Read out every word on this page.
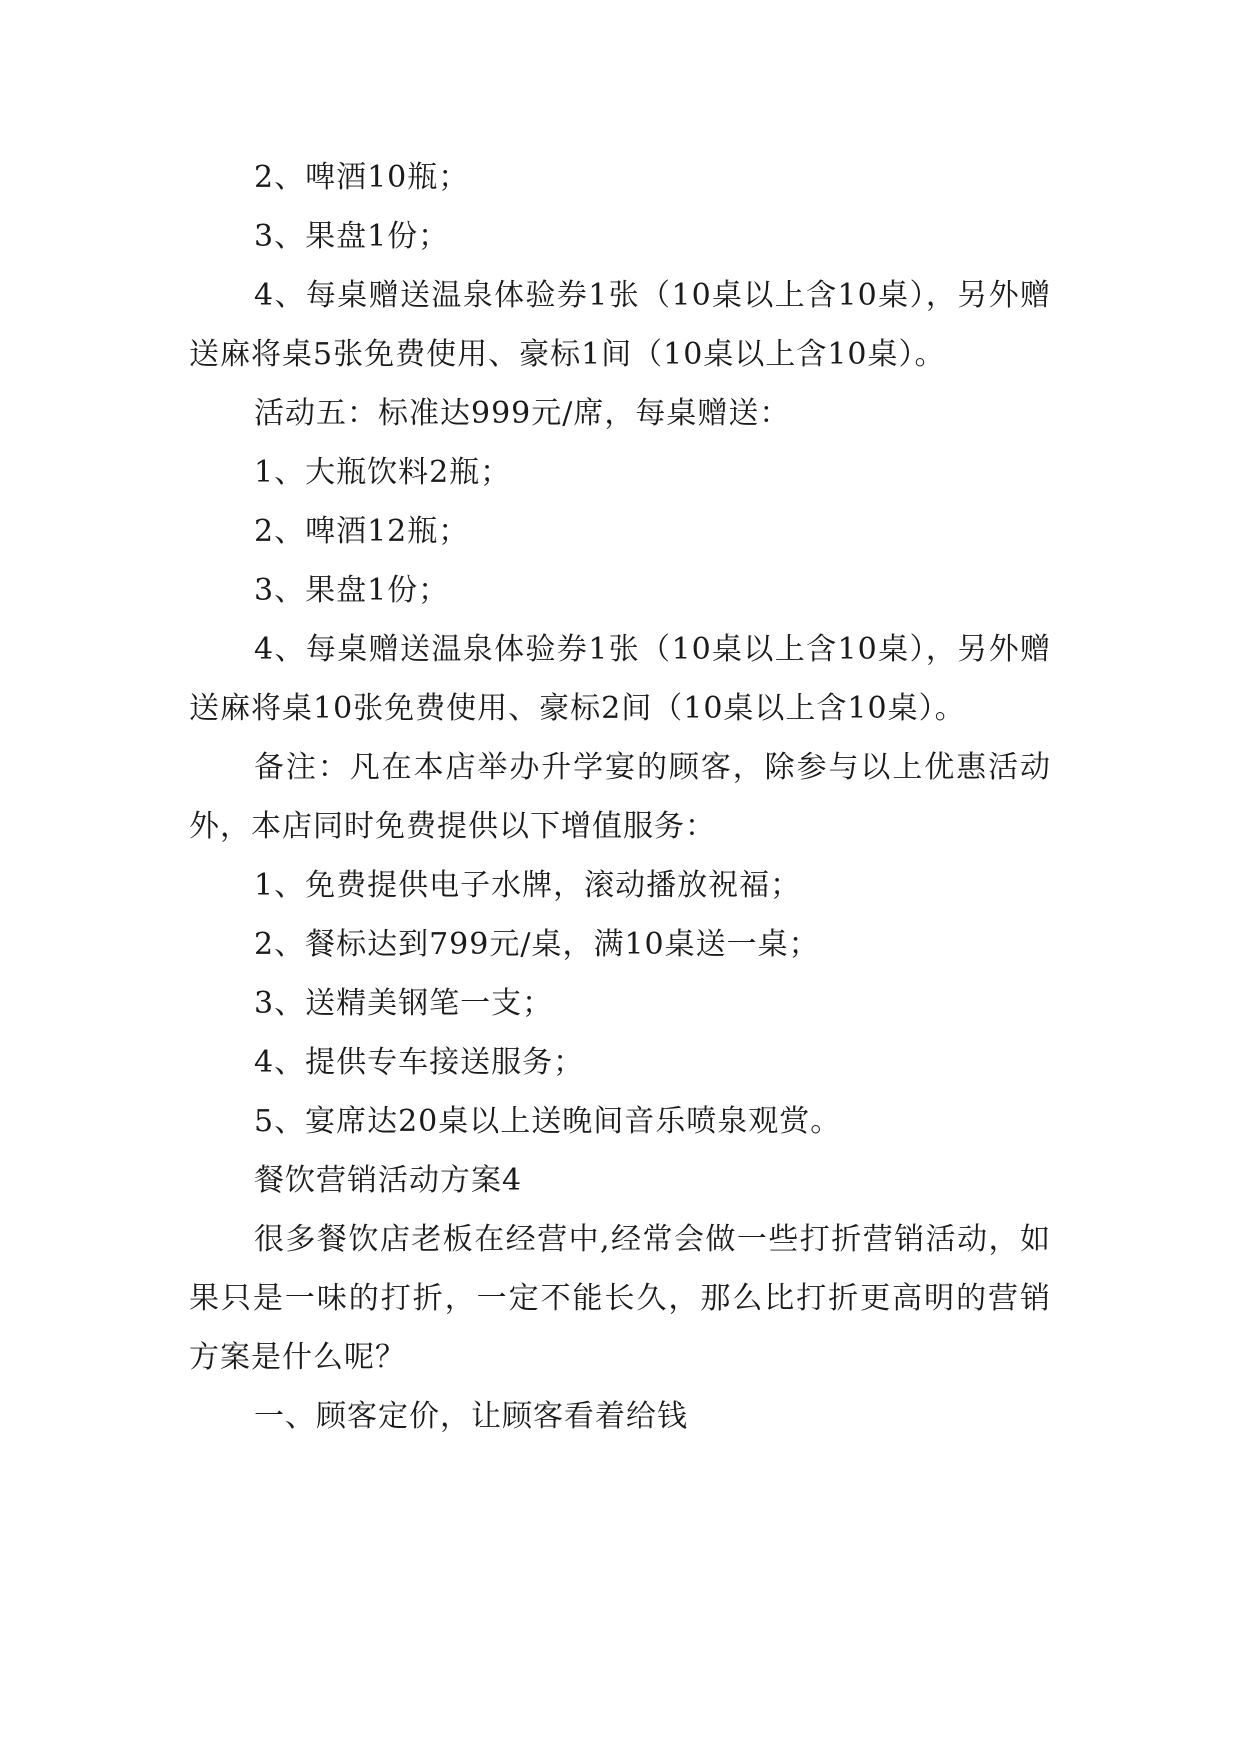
2、啤酒10瓶；

3、果盘1份；

4、每桌赠送温泉体验券1张（10桌以上含10桌），另外赠送麻将桌5张免费使用、豪标1间（10桌以上含10桌）。

活动五：标准达999元/席，每桌赠送：

1、大瓶饮料2瓶；

2、啤酒12瓶；

3、果盘1份；

4、每桌赠送温泉体验券1张（10桌以上含10桌），另外赠送麻将桌10张免费使用、豪标2间（10桌以上含10桌）。

备注：凡在本店举办升学宴的顾客，除参与以上优惠活动外，本店同时免费提供以下增值服务：

1、免费提供电子水牌，滚动播放祝福；

2、餐标达到799元/桌，满10桌送一桌；

3、送精美钢笔一支；

4、提供专车接送服务；

5、宴席达20桌以上送晚间音乐喷泉观赏。

餐饮营销活动方案4

很多餐饮店老板在经营中,经常会做一些打折营销活动，如果只是一味的打折，一定不能长久，那么比打折更高明的营销方案是什么呢？

一、顾客定价，让顾客看着给钱
